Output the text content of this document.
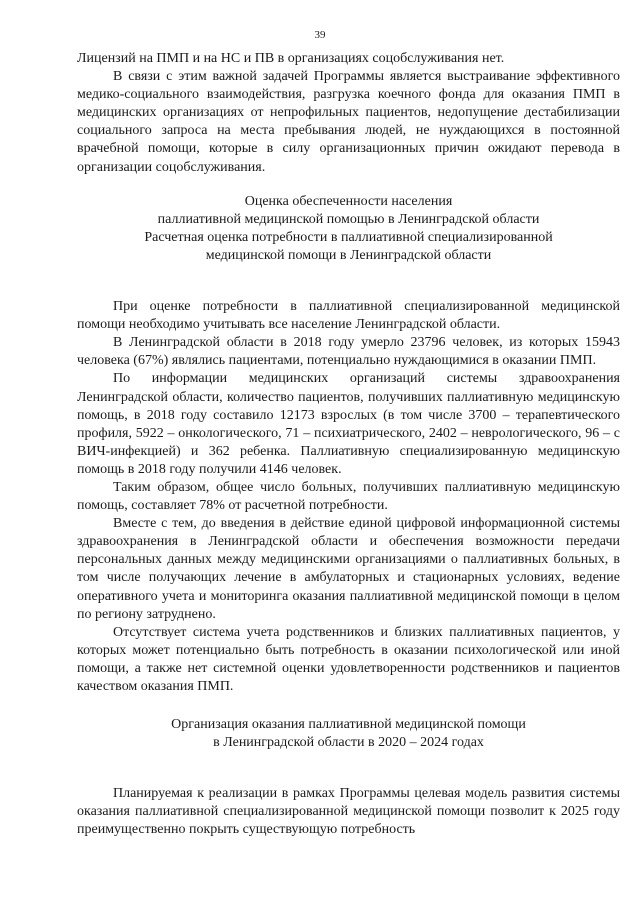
39

Лицензий на ПМП и на НС и ПВ в организациях соцобслуживания нет.

В связи с этим важной задачей Программы является выстраивание эффективного медико-социального взаимодействия, разгрузка коечного фонда для оказания ПМП в медицинских организациях от непрофильных пациентов, недопущение дестабилизации социального запроса на места пребывания людей, не нуждающихся в постоянной врачебной помощи, которые в силу организационных причин ожидают перевода в организации соцобслуживания.

Оценка обеспеченности населения
паллиативной медицинской помощью в Ленинградской области
Расчетная оценка потребности в паллиативной специализированной
медицинской помощи в Ленинградской области

При оценке потребности в паллиативной специализированной медицинской помощи необходимо учитывать все население Ленинградской области.

В Ленинградской области в 2018 году умерло 23796 человек, из которых 15943 человека (67%) являлись пациентами, потенциально нуждающимися в оказании ПМП.

По информации медицинских организаций системы здравоохранения Ленинградской области, количество пациентов, получивших паллиативную медицинскую помощь, в 2018 году составило 12173 взрослых (в том числе 3700 – терапевтического профиля, 5922 – онкологического, 71 – психиатрического, 2402 – неврологического, 96 – с ВИЧ-инфекцией) и 362 ребенка. Паллиативную специализированную медицинскую помощь в 2018 году получили 4146 человек.

Таким образом, общее число больных, получивших паллиативную медицинскую помощь, составляет 78% от расчетной потребности.

Вместе с тем, до введения в действие единой цифровой информационной системы здравоохранения в Ленинградской области и обеспечения возможности передачи персональных данных между медицинскими организациями о паллиативных больных, в том числе получающих лечение в амбулаторных и стационарных условиях, ведение оперативного учета и мониторинга оказания паллиативной медицинской помощи в целом по региону затруднено.

Отсутствует система учета родственников и близких паллиативных пациентов, у которых может потенциально быть потребность в оказании психологической или иной помощи, а также нет системной оценки удовлетворенности родственников и пациентов качеством оказания ПМП.

Организация оказания паллиативной медицинской помощи
в Ленинградской области в 2020 – 2024 годах

Планируемая к реализации в рамках Программы целевая модель развития системы оказания паллиативной специализированной медицинской помощи позволит к 2025 году преимущественно покрыть существующую потребность
